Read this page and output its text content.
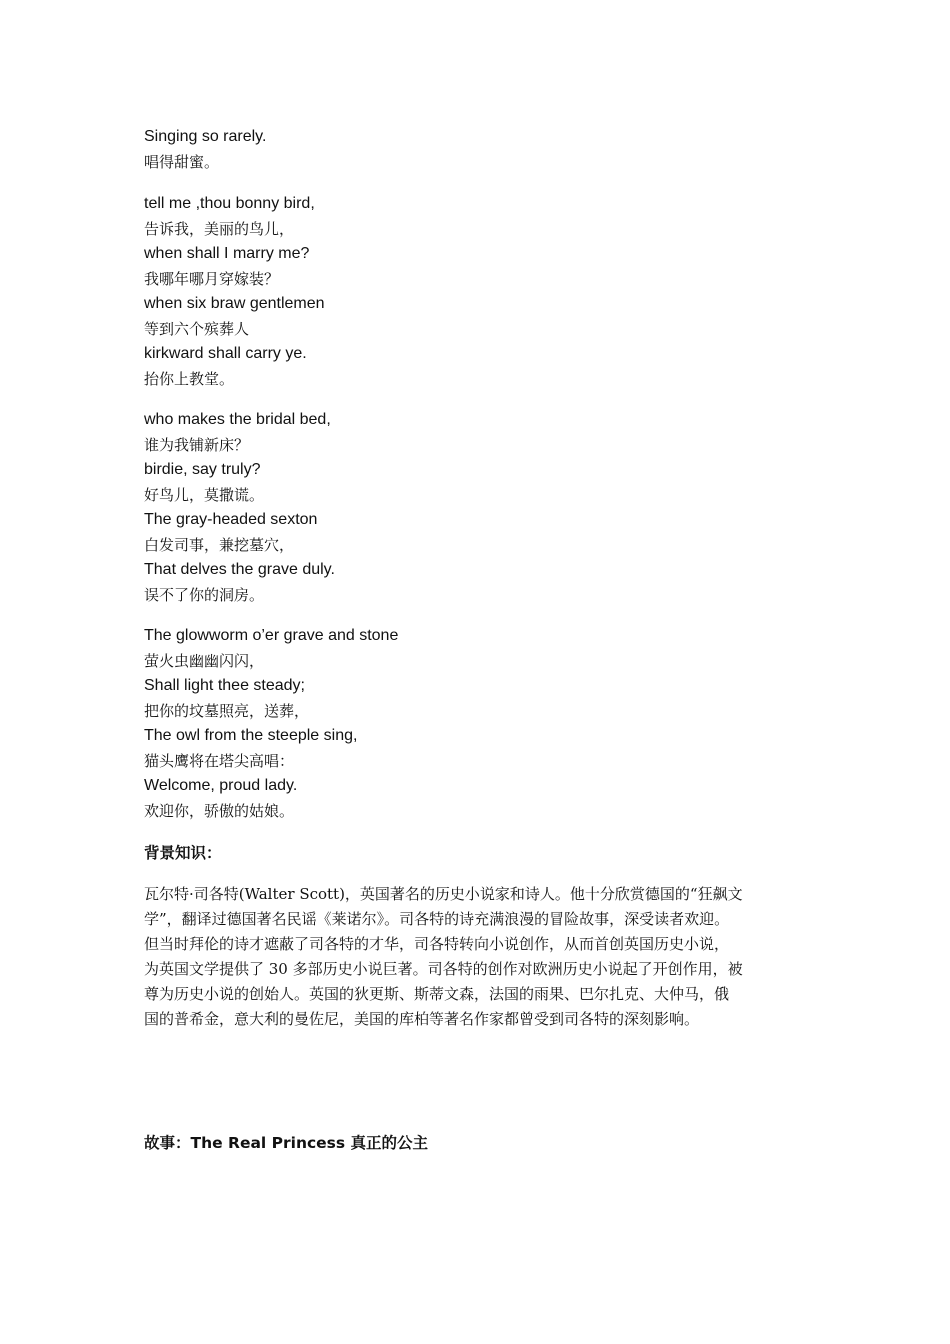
Singing so rarely.
唱得甜蜜。
tell me ,thou bonny bird,
告诉我，美丽的鸟儿，
when shall I marry me?
我哪年哪月穿嫁装？
when six braw gentlemen
等到六个殡葬人
kirkward shall carry ye.
抬你上教堂。
who makes the bridal bed,
谁为我铺新床？
birdie, say truly?
好鸟儿，莫撒谎。
The gray-headed sexton
白发司事，兼挖墓穴，
That delves the grave duly.
误不了你的洞房。
The glowworm o’er grave and stone
萤火虫幽幽闪闪，
Shall light thee steady;
把你的坟墓照亮，送葬，
The owl from the steeple sing,
猫头鹰将在塔尖高唱：
Welcome, proud lady.
欢迎你，骄傲的姑娘。
背景知识：
瓦尔特·司各特(Walter Scott)，英国著名的历史小说家和诗人。他十分欣赏德国的“狂飙文
学”，翻译过德国著名民谣《莱诺尔》。司各特的诗充满浪漫的冒险故事，深受读者欢迎。
但当时拜伦的诗才遮蔽了司各特的才华，司各特转向小说创作，从而首创英国历史小说，
为英国文学提供了 30 多部历史小说巨著。司各特的创作对欧洲历史小说起了开创作用，被
尊为历史小说的创始人。英国的狄更斯、斯蒂文森，法国的雨果、巴尔扎克、大仲马，俄
国的普希金，意大利的曼佐尼，美国的库柏等著名作家都曾受到司各特的深刻影响。
故事：The Real Princess 真正的公主
